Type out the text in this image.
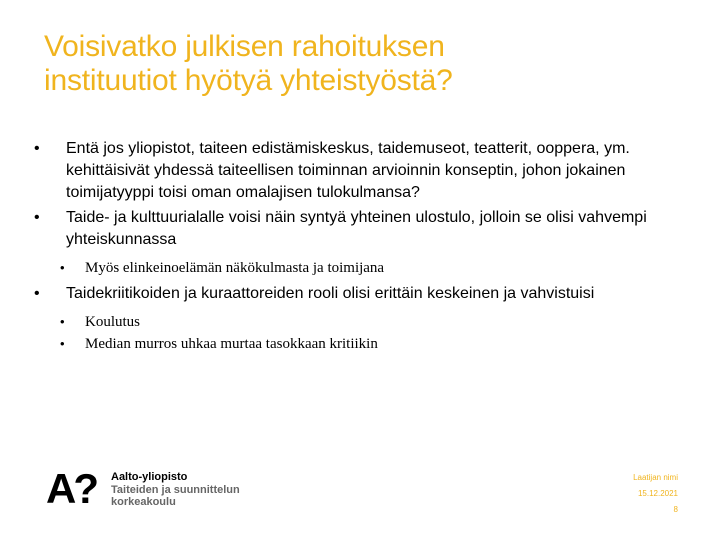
Voisivatko julkisen rahoituksen
instituutiot hyötyä yhteistyöstä?
• Entä jos yliopistot, taiteen edistämiskeskus, taidemuseot, teatterit, ooppera, ym. kehittäisivät yhdessä taiteellisen toiminnan arvioinnin konseptin, johon jokainen toimijatyyppi toisi oman omalajisen tulokulmansa?
• Taide- ja kulttuurialalle voisi näin syntyä yhteinen ulostulo, jolloin se olisi vahvempi yhteiskunnassa
• Myös elinkeinoelämän näkökulmasta ja toimijana
• Taidekriitikoiden ja kuraattoreiden rooli olisi erittäin keskeinen ja vahvistuisi
• Koulutus
• Median murros uhkaa murtaa tasokkaan kritiikin
A? Aalto-yliopisto
Taiteiden ja suunnittelun
korkeakoulu
Laatijan nimi
15.12.2021
8
